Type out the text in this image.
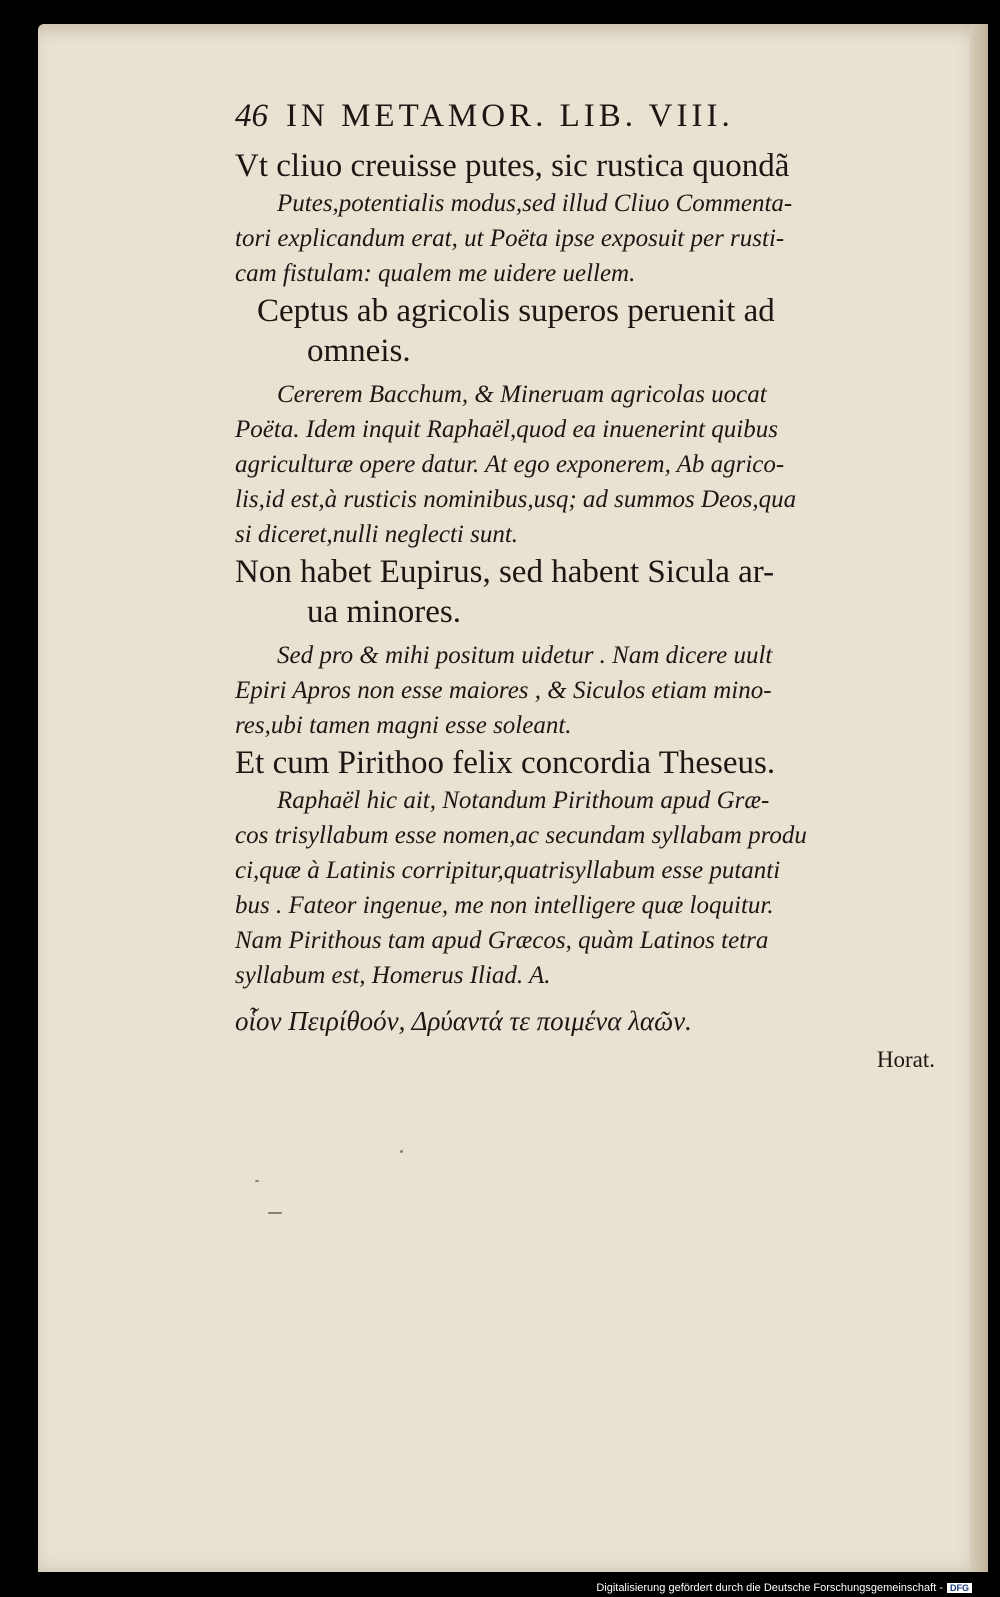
46 IN METAMOR. LIB. VIII.
Vt cliuo creuisse putes, sic rustica quondã
Putes,potentialis modus,sed illud Cliuo Commenta-
tori explicandum erat, ut Poëta ipse exposuit per rusti-
cam fistulam: qualem me uidere uellem.
Ceptus ab agricolis superos peruenit ad
omneis.
Cererem Bacchum, & Mineruam agricolas uocat
Poëta. Idem inquit Raphaël,quod ea inuenerint quibus
agriculturæ opere datur. At ego exponerem, Ab agrico-
lis,id est,à rusticis nominibus,usq; ad summos Deos,qua
si diceret,nulli neglecti sunt.
Non habet Eupirus, sed habent Sicula ar-
ua minores.
Sed pro & mihi positum uidetur . Nam dicere uult
Epiri Apros non esse maiores , & Siculos etiam mino-
res,ubi tamen magni esse soleant.
Et cum Pirithoo felix concordia Theseus.
Raphaël hic ait, Notandum Pirithoum apud Græ-
cos trisyllabum esse nomen,ac secundam syllabam produ
ci,quæ à Latinis corripitur,quatrisyllabum esse putanti
bus . Fateor ingenue, me non intelligere quæ loquitur.
Nam Pirithous tam apud Græcos, quàm Latinos tetra
syllabum est, Homerus Iliad. A.
οἷον Πειρίθοόν, Δρύαντά τε ποιμένα λαῶν.
Horat.
Digitalisierung gefördert durch die Deutsche Forschungsgemeinschaft - DFG
